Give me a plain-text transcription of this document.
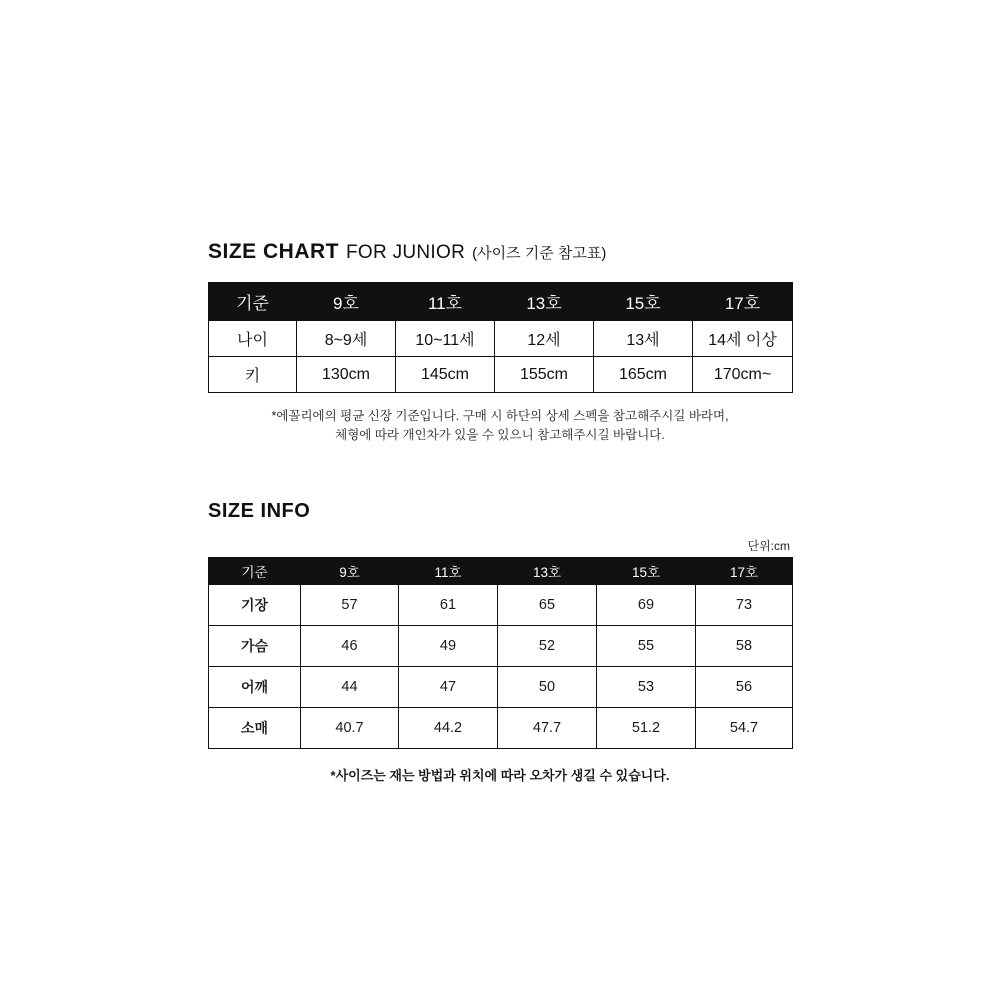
SIZE CHART FOR JUNIOR (사이즈 기준 참고표)
기준	9호	11호	13호	15호	17호
나이	8~9세	10~11세	12세	13세	14세 이상
키	130cm	145cm	155cm	165cm	170cm~
*에꼴리에의 평균 신장 기준입니다. 구매 시 하단의 상세 스펙을 참고해주시길 바라며,
체형에 따라 개인차가 있을 수 있으니 참고해주시길 바랍니다.
SIZE INFO
단위:cm
기준	9호	11호	13호	15호	17호
기장	57	61	65	69	73
가슴	46	49	52	55	58
어깨	44	47	50	53	56
소매	40.7	44.2	47.7	51.2	54.7
*사이즈는 재는 방법과 위치에 따라 오차가 생길 수 있습니다.
